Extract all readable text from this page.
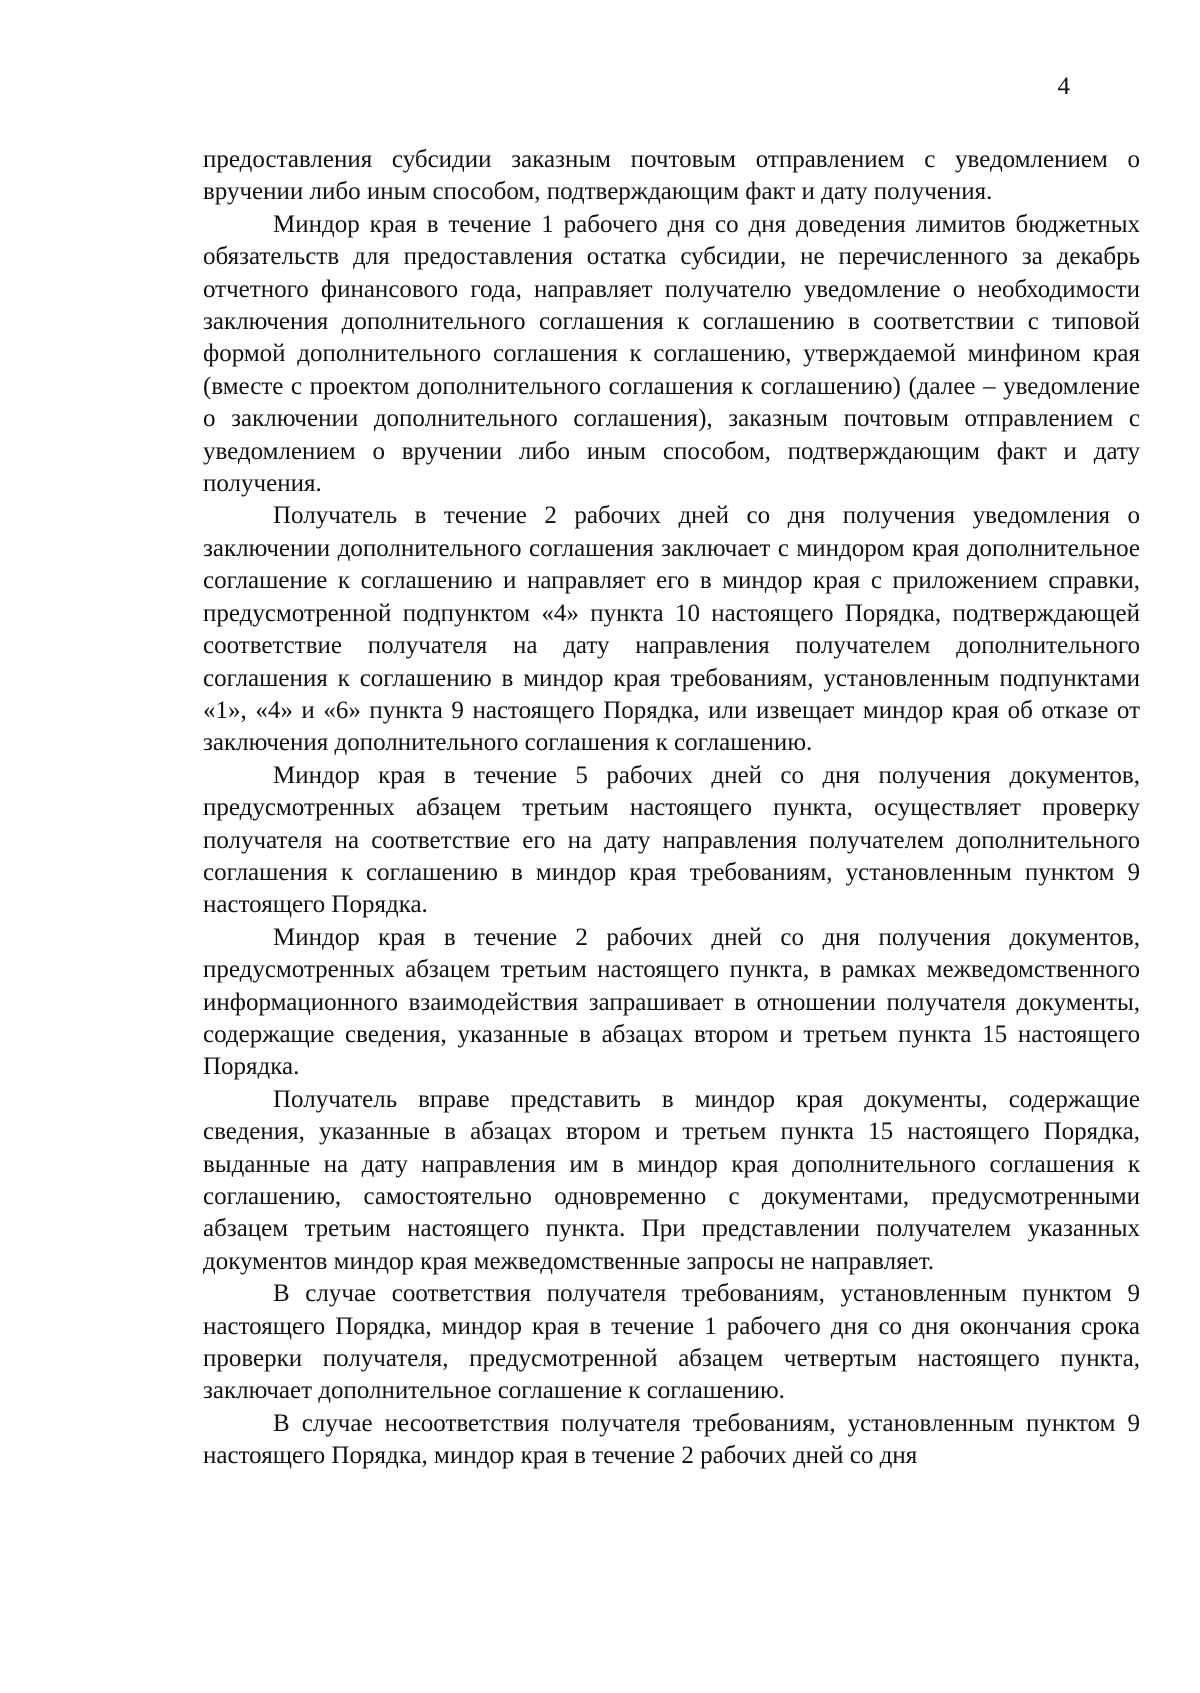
4

предоставления субсидии заказным почтовым отправлением с уведомлением о вручении либо иным способом, подтверждающим факт и дату получения.

Миндор края в течение 1 рабочего дня со дня доведения лимитов бюджетных обязательств для предоставления остатка субсидии, не перечисленного за декабрь отчетного финансового года, направляет получателю уведомление о необходимости заключения дополнительного соглашения к соглашению в соответствии с типовой формой дополнительного соглашения к соглашению, утверждаемой минфином края (вместе с проектом дополнительного соглашения к соглашению) (далее – уведомление о заключении дополнительного соглашения), заказным почтовым отправлением с уведомлением о вручении либо иным способом, подтверждающим факт и дату получения.

Получатель в течение 2 рабочих дней со дня получения уведомления о заключении дополнительного соглашения заключает с миндором края дополнительное соглашение к соглашению и направляет его в миндор края с приложением справки, предусмотренной подпунктом «4» пункта 10 настоящего Порядка, подтверждающей соответствие получателя на дату направления получателем дополнительного соглашения к соглашению в миндор края требованиям, установленным подпунктами «1», «4» и «6» пункта 9 настоящего Порядка, или извещает миндор края об отказе от заключения дополнительного соглашения к соглашению.

Миндор края в течение 5 рабочих дней со дня получения документов, предусмотренных абзацем третьим настоящего пункта, осуществляет проверку получателя на соответствие его на дату направления получателем дополнительного соглашения к соглашению в миндор края требованиям, установленным пунктом 9 настоящего Порядка.

Миндор края в течение 2 рабочих дней со дня получения документов, предусмотренных абзацем третьим настоящего пункта, в рамках межведомственного информационного взаимодействия запрашивает в отношении получателя документы, содержащие сведения, указанные в абзацах втором и третьем пункта 15 настоящего Порядка.

Получатель вправе представить в миндор края документы, содержащие сведения, указанные в абзацах втором и третьем пункта 15 настоящего Порядка, выданные на дату направления им в миндор края дополнительного соглашения к соглашению, самостоятельно одновременно с документами, предусмотренными абзацем третьим настоящего пункта. При представлении получателем указанных документов миндор края межведомственные запросы не направляет.

В случае соответствия получателя требованиям, установленным пунктом 9 настоящего Порядка, миндор края в течение 1 рабочего дня со дня окончания срока проверки получателя, предусмотренной абзацем четвертым настоящего пункта, заключает дополнительное соглашение к соглашению.

В случае несоответствия получателя требованиям, установленным пунктом 9 настоящего Порядка, миндор края в течение 2 рабочих дней со дня
